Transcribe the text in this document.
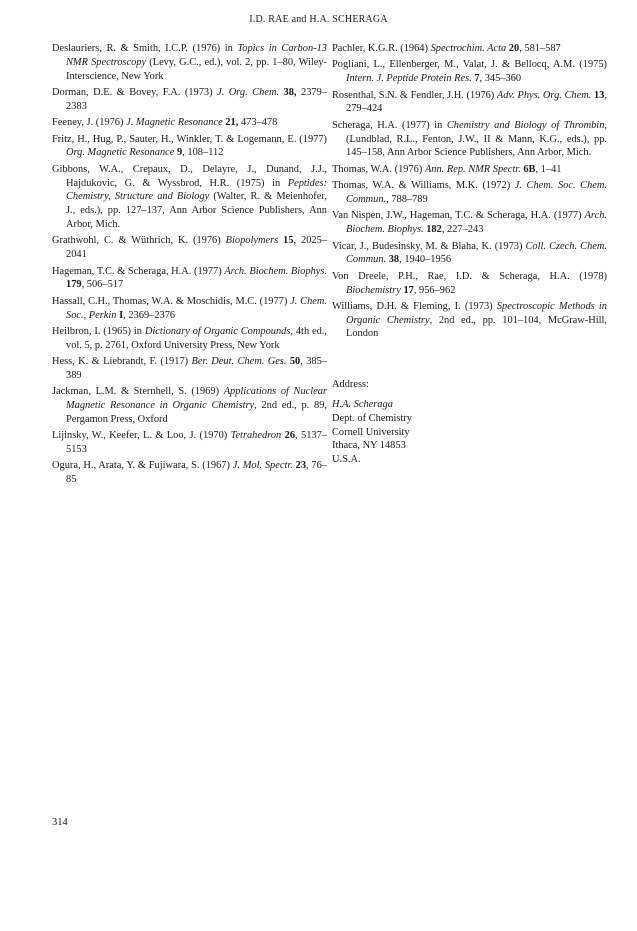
I.D. RAE and H.A. SCHERAGA
Deslauriers, R. & Smith, I.C.P. (1976) in Topics in Carbon-13 NMR Spectroscopy (Levy, G.C., ed.), vol. 2, pp. 1–80, Wiley-Interscience, New York
Dorman, D.E. & Bovey, F.A. (1973) J. Org. Chem. 38, 2379–2383
Feeney, J. (1976) J. Magnetic Resonance 21, 473–478
Fritz, H., Hug, P., Sauter, H., Winkler, T. & Logemann, E. (1977) Org. Magnetic Resonance 9, 108–112
Gibbons, W.A., Crepaux, D., Delayre, J., Dunand, J.J., Hajdukovic, G. & Wyssbrod, H.R. (1975) in Peptides: Chemistry, Structure and Biology (Walter, R. & Meienhofer, J., eds.), pp. 127–137, Ann Arbor Science Publishers, Ann Arbor, Mich.
Grathwohl, C. & Wüthrich, K. (1976) Biopolymers 15, 2025–2041
Hageman, T.C. & Scheraga, H.A. (1977) Arch. Biochem. Biophys. 179, 506–517
Hassall, C.H., Thomas, W.A. & Moschidis, M.C. (1977) J. Chem. Soc., Perkin I, 2369–2376
Heilbron, I. (1965) in Dictionary of Organic Compounds, 4th ed., vol. 5, p. 2761, Oxford University Press, New York
Hess, K. & Liebrandt, F. (1917) Ber. Deut. Chem. Ges. 50, 385–389
Jackman, L.M. & Sternhell, S. (1969) Applications of Nuclear Magnetic Resonance in Organic Chemistry, 2nd ed., p. 89, Pergamon Press, Oxford
Lijinsky, W., Keefer, L. & Loo, J. (1970) Tetrahedron 26, 5137–5153
Ogura, H., Arata, Y. & Fujiwara, S. (1967) J. Mol. Spectr. 23, 76–85
Pachler, K.G.R. (1964) Spectrochim. Acta 20, 581–587
Pogliani, L., Ellenberger, M., Valat, J. & Bellocq, A.M. (1975) Intern. J. Peptide Protein Res. 7, 345–360
Rosenthal, S.N. & Fendler, J.H. (1976) Adv. Phys. Org. Chem. 13, 279–424
Scheraga, H.A. (1977) in Chemistry and Biology of Thrombin, (Lundblad, R.L., Fenton, J.W., II & Mann, K.G., eds.), pp. 145–158, Ann Arbor Science Publishers, Ann Arbor, Mich.
Thomas, W.A. (1976) Ann. Rep. NMR Spectr. 6B, 1–41
Thomas, W.A. & Williams, M.K. (1972) J. Chem. Soc. Chem. Commun., 788–789
Van Nispen, J.W., Hageman, T.C. & Scheraga, H.A. (1977) Arch. Biochem. Biophys. 182, 227–243
Vicar, J., Budesinsky, M. & Blaha, K. (1973) Coll. Czech. Chem. Commun. 38, 1940–1956
Von Dreele, P.H., Rae, I.D. & Scheraga, H.A. (1978) Biochemistry 17, 956–962
Williams, D.H. & Fleming, I. (1973) Spectroscopic Methods in Organic Chemistry, 2nd ed., pp. 101–104, McGraw-Hill, London
Address:
H.A. Scheraga
Dept. of Chemistry
Cornell University
Ithaca, NY 14853
U.S.A.
314
